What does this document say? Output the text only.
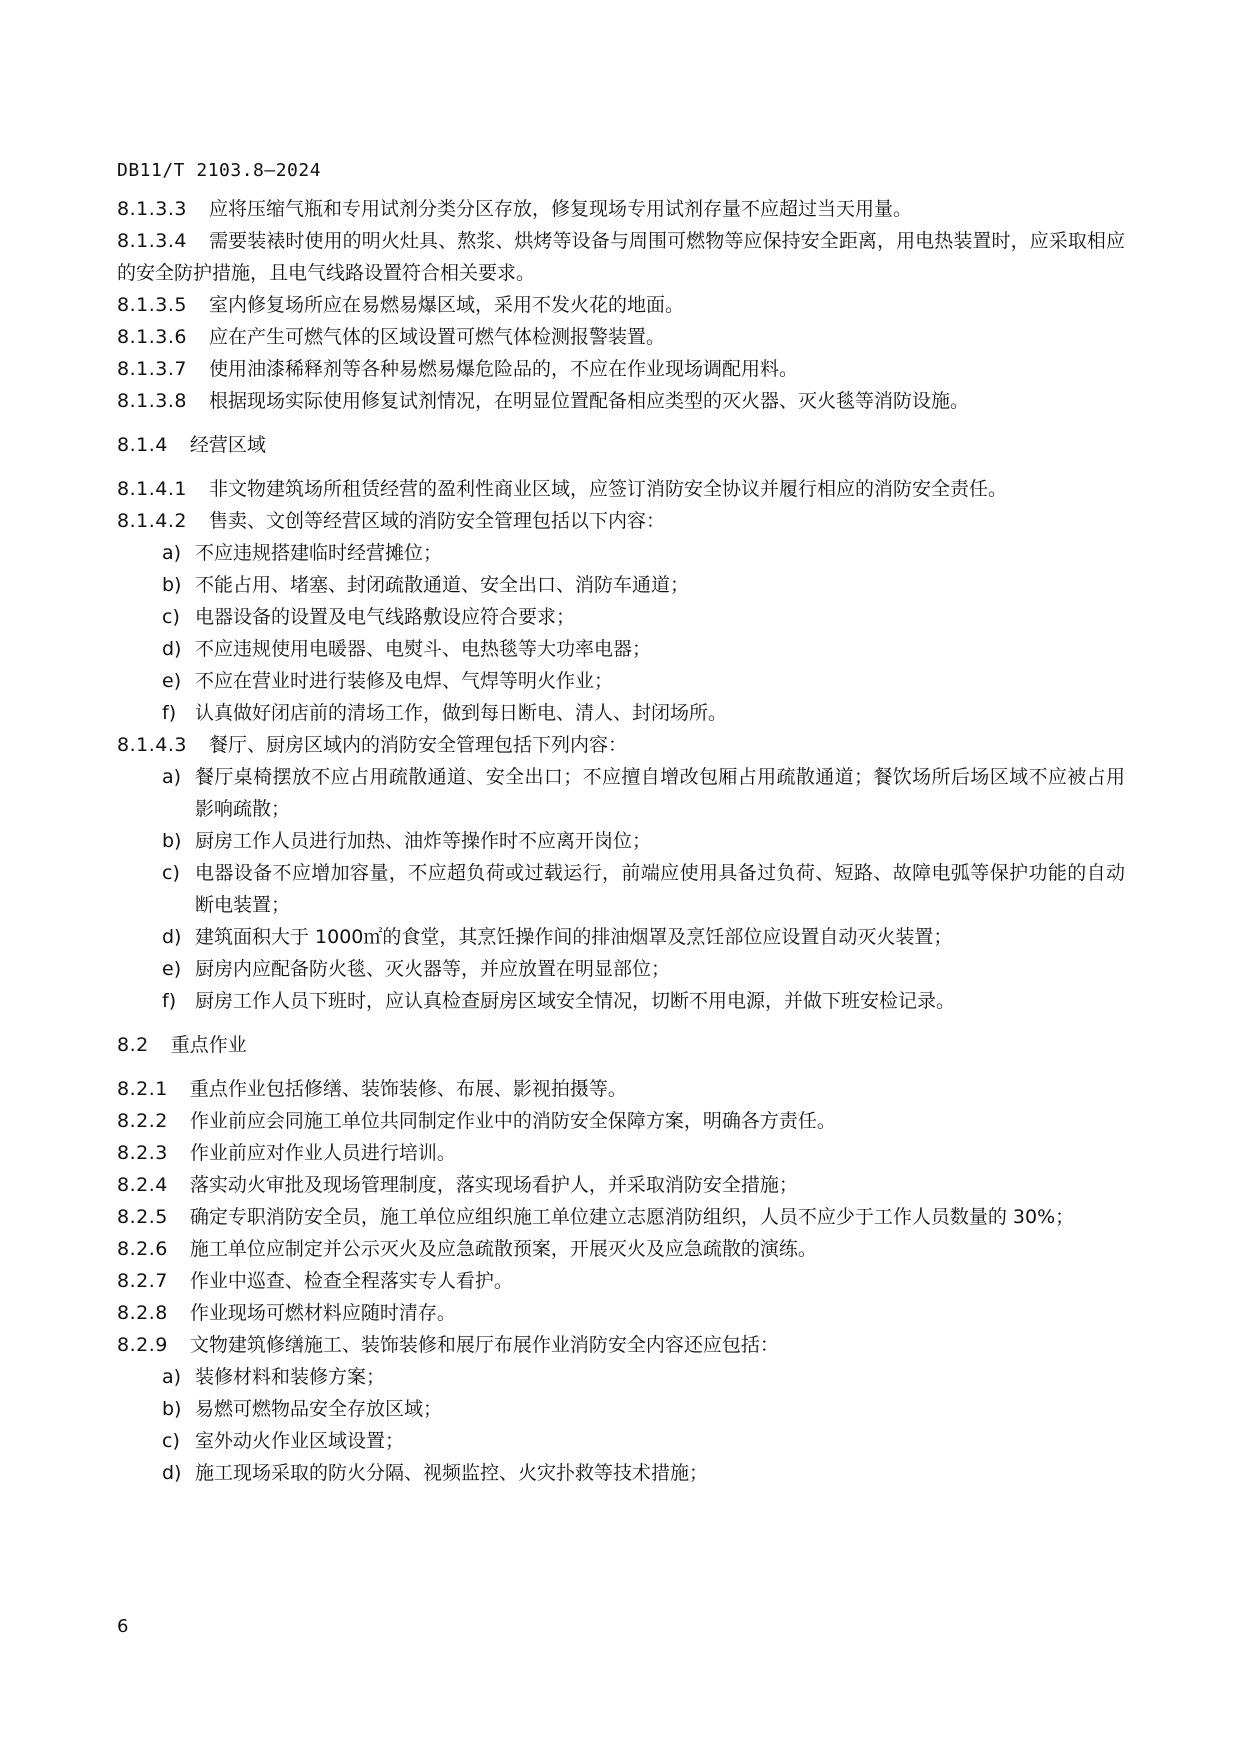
DB11/T 2103.8—2024
8.1.3.3 应将压缩气瓶和专用试剂分类分区存放，修复现场专用试剂存量不应超过当天用量。
8.1.3.4 需要装裱时使用的明火灶具、熬浆、烘烤等设备与周围可燃物等应保持安全距离，用电热装置时，应采取相应的安全防护措施，且电气线路设置符合相关要求。
8.1.3.5 室内修复场所应在易燃易爆区域，采用不发火花的地面。
8.1.3.6 应在产生可燃气体的区域设置可燃气体检测报警装置。
8.1.3.7 使用油漆稀释剂等各种易燃易爆危险品的，不应在作业现场调配用料。
8.1.3.8 根据现场实际使用修复试剂情况，在明显位置配备相应类型的灭火器、灭火毯等消防设施。
8.1.4 经营区域
8.1.4.1 非文物建筑场所租赁经营的盈利性商业区域，应签订消防安全协议并履行相应的消防安全责任。
8.1.4.2 售卖、文创等经营区域的消防安全管理包括以下内容：
a) 不应违规搭建临时经营摊位；
b) 不能占用、堵塞、封闭疏散通道、安全出口、消防车通道；
c) 电器设备的设置及电气线路敷设应符合要求；
d) 不应违规使用电暖器、电熨斗、电热毯等大功率电器；
e) 不应在营业时进行装修及电焊、气焊等明火作业；
f) 认真做好闭店前的清场工作，做到每日断电、清人、封闭场所。
8.1.4.3 餐厅、厨房区域内的消防安全管理包括下列内容：
a) 餐厅桌椅摆放不应占用疏散通道、安全出口；不应擅自增改包厢占用疏散通道；餐饮场所后场区域不应被占用影响疏散；
b) 厨房工作人员进行加热、油炸等操作时不应离开岗位；
c) 电器设备不应增加容量，不应超负荷或过载运行，前端应使用具备过负荷、短路、故障电弧等保护功能的自动断电装置；
d) 建筑面积大于 1000㎡的食堂，其烹饪操作间的排油烟罩及烹饪部位应设置自动灭火装置；
e) 厨房内应配备防火毯、灭火器等，并应放置在明显部位；
f) 厨房工作人员下班时，应认真检查厨房区域安全情况，切断不用电源，并做下班安检记录。
8.2 重点作业
8.2.1 重点作业包括修缮、装饰装修、布展、影视拍摄等。
8.2.2 作业前应会同施工单位共同制定作业中的消防安全保障方案，明确各方责任。
8.2.3 作业前应对作业人员进行培训。
8.2.4 落实动火审批及现场管理制度，落实现场看护人，并采取消防安全措施；
8.2.5 确定专职消防安全员，施工单位应组织施工单位建立志愿消防组织，人员不应少于工作人员数量的 30%；
8.2.6 施工单位应制定并公示灭火及应急疏散预案，开展灭火及应急疏散的演练。
8.2.7 作业中巡查、检查全程落实专人看护。
8.2.8 作业现场可燃材料应随时清存。
8.2.9 文物建筑修缮施工、装饰装修和展厅布展作业消防安全内容还应包括：
a) 装修材料和装修方案；
b) 易燃可燃物品安全存放区域；
c) 室外动火作业区域设置；
d) 施工现场采取的防火分隔、视频监控、火灾扑救等技术措施；
6
